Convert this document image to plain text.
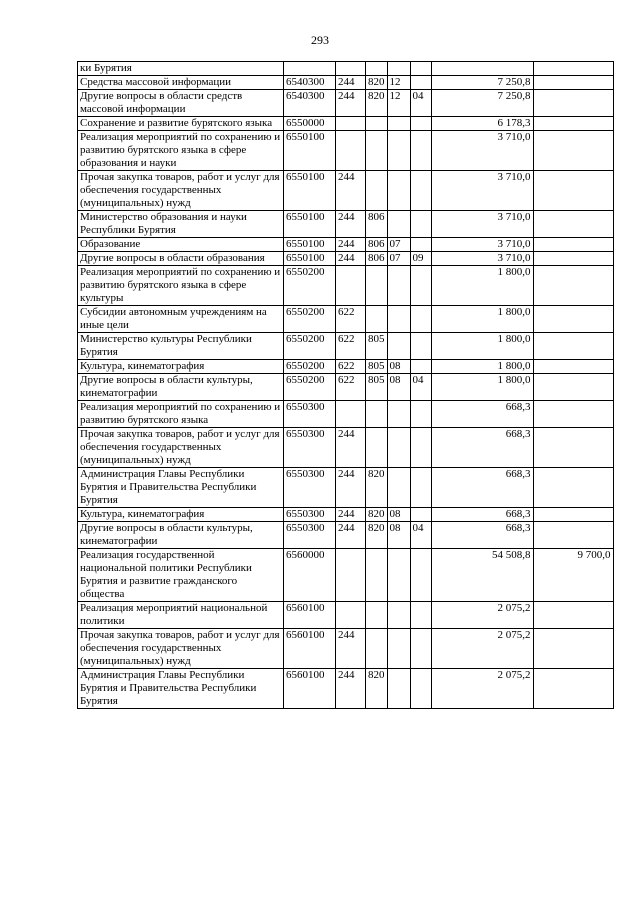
293
ки Бурятия							
Средства массовой информации	6540300	244	820	12		7 250,8	
Другие вопросы в области средств массовой информации	6540300	244	820	12	04	7 250,8	
Сохранение и развитие бурятского языка	6550000					6 178,3	
Реализация мероприятий по сохранению и развитию бурятского языка в сфере образования и науки	6550100					3 710,0	
Прочая закупка товаров, работ и услуг для обеспечения государственных (муниципальных) нужд	6550100	244				3 710,0	
Министерство образования и науки Республики Бурятия	6550100	244	806			3 710,0	
Образование	6550100	244	806	07		3 710,0	
Другие вопросы в области образования	6550100	244	806	07	09	3 710,0	
Реализация мероприятий по сохранению и развитию бурятского языка в сфере культуры	6550200					1 800,0	
Субсидии автономным учреждениям на иные цели	6550200	622				1 800,0	
Министерство культуры Республики Бурятия	6550200	622	805			1 800,0	
Культура, кинематография	6550200	622	805	08		1 800,0	
Другие вопросы в области культуры, кинематографии	6550200	622	805	08	04	1 800,0	
Реализация мероприятий по сохранению и развитию бурятского языка	6550300					668,3	
Прочая закупка товаров, работ и услуг для обеспечения государственных (муниципальных) нужд	6550300	244				668,3	
Администрация Главы Республики Бурятия и Правительства Республики Бурятия	6550300	244	820			668,3	
Культура, кинематография	6550300	244	820	08		668,3	
Другие вопросы в области культуры, кинематографии	6550300	244	820	08	04	668,3	
Реализация государственной национальной политики Республики Бурятия и развитие гражданского общества	6560000					54 508,8	9 700,0
Реализация мероприятий национальной политики	6560100					2 075,2	
Прочая закупка товаров, работ и услуг для обеспечения государственных (муниципальных) нужд	6560100	244				2 075,2	
Администрация Главы Республики Бурятия и Правительства Республики Бурятия	6560100	244	820			2 075,2	
